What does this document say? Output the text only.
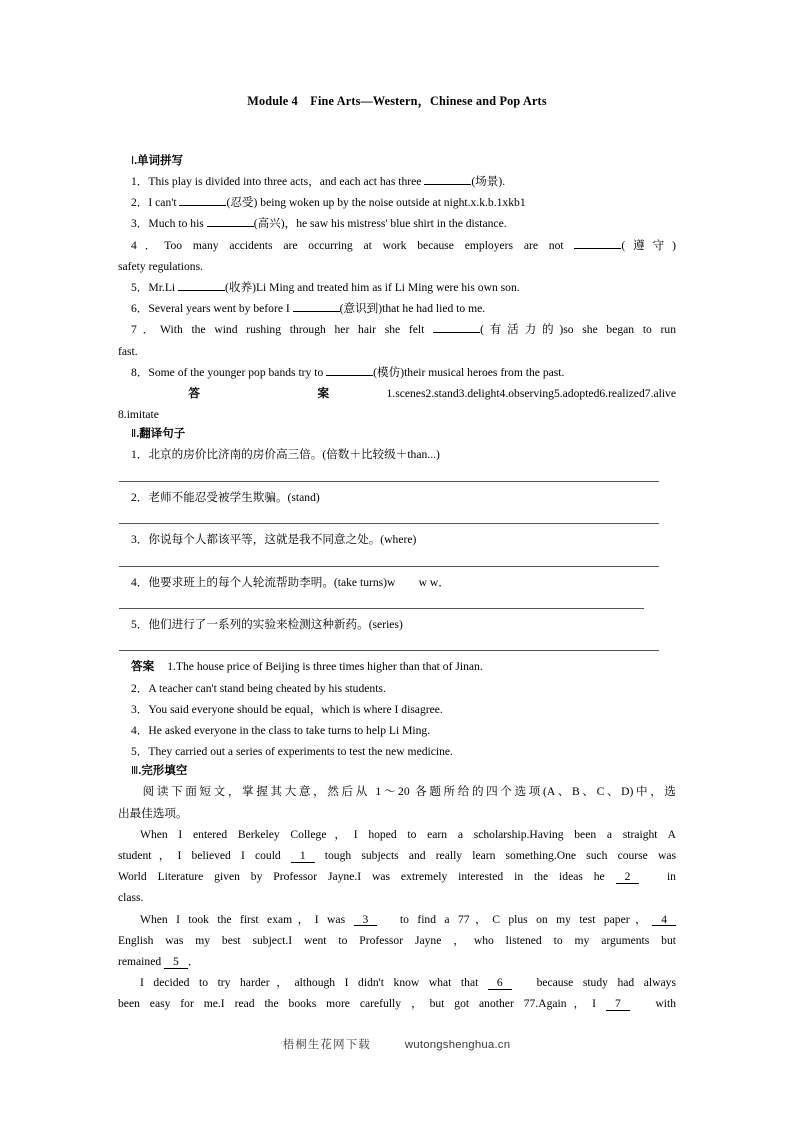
Module 4　Fine Arts—Western，Chinese and Pop Arts
Ⅰ.单词拼写
1．This play is divided into three acts，and each act has three	(场景).
2．I can't	(忍受) being woken up by the noise outside at night.x.k.b.1xkb1
3．Much to his	(高兴)，he saw his mistress' blue shirt in the distance.
4．Too many accidents are occurring at work because employers are not	(遵守)
safety regulations.
5．Mr.Li	(收养)Li Ming and treated him as if Li Ming were his own son.
6．Several years went by before I	(意识到)that he had lied to me.
7．With the wind rushing through her hair she felt	(有活力的)so she began to run
fast.
8．Some of the younger pop bands try to	(模仿)their musical heroes from the past.
答 案1.scenes2.stand3.delight4.observing5.adopted6.realized7.alive
8.imitate
Ⅱ.翻译句子
1．北京的房价比济南的房价高三倍。(倍数＋比较级＋than...)
2．老师不能忍受被学生欺骗。(stand)
3．你说每个人都该平等，这就是我不同意之处。(where)
4．他要求班上的每个人轮流帮助李明。(take turns)w　　w w．
5．他们进行了一系列的实验来检测这种新药。(series)
答案 1.The house price of Beijing is three times higher than that of Jinan.
2．A teacher can't stand being cheated by his students.
3．You said everyone should be equal，which is where I disagree.
4．He asked everyone in the class to take turns to help Li Ming.
5．They carried out a series of experiments to test the new medicine.
Ⅲ.完形填空
阅读下面短文，掌握其大意，然后从 1～20 各题所给的四个选项(A、B、C、D)中，选
出最佳选项。
When I entered Berkeley College，I hoped to earn a scholarship.Having been a straight A
student，I believed I could 1 tough subjects and really learn something.One such course was
World Literature given by Professor Jayne.I was extremely interested in the ideas he 2　in
class.
When I took the first exam，I was 3　to find a 77，C plus on my test paper， 4
English was my best subject.I went to Professor Jayne ，who listened to my arguments but
remained 5 ．
I decided to try harder，although I didn't know what that 6　because study had always
been easy for me.I read the books more carefully ，but got another 77.Again，I 7　with
梧桐生花网下载	wutongshenghua.cn
